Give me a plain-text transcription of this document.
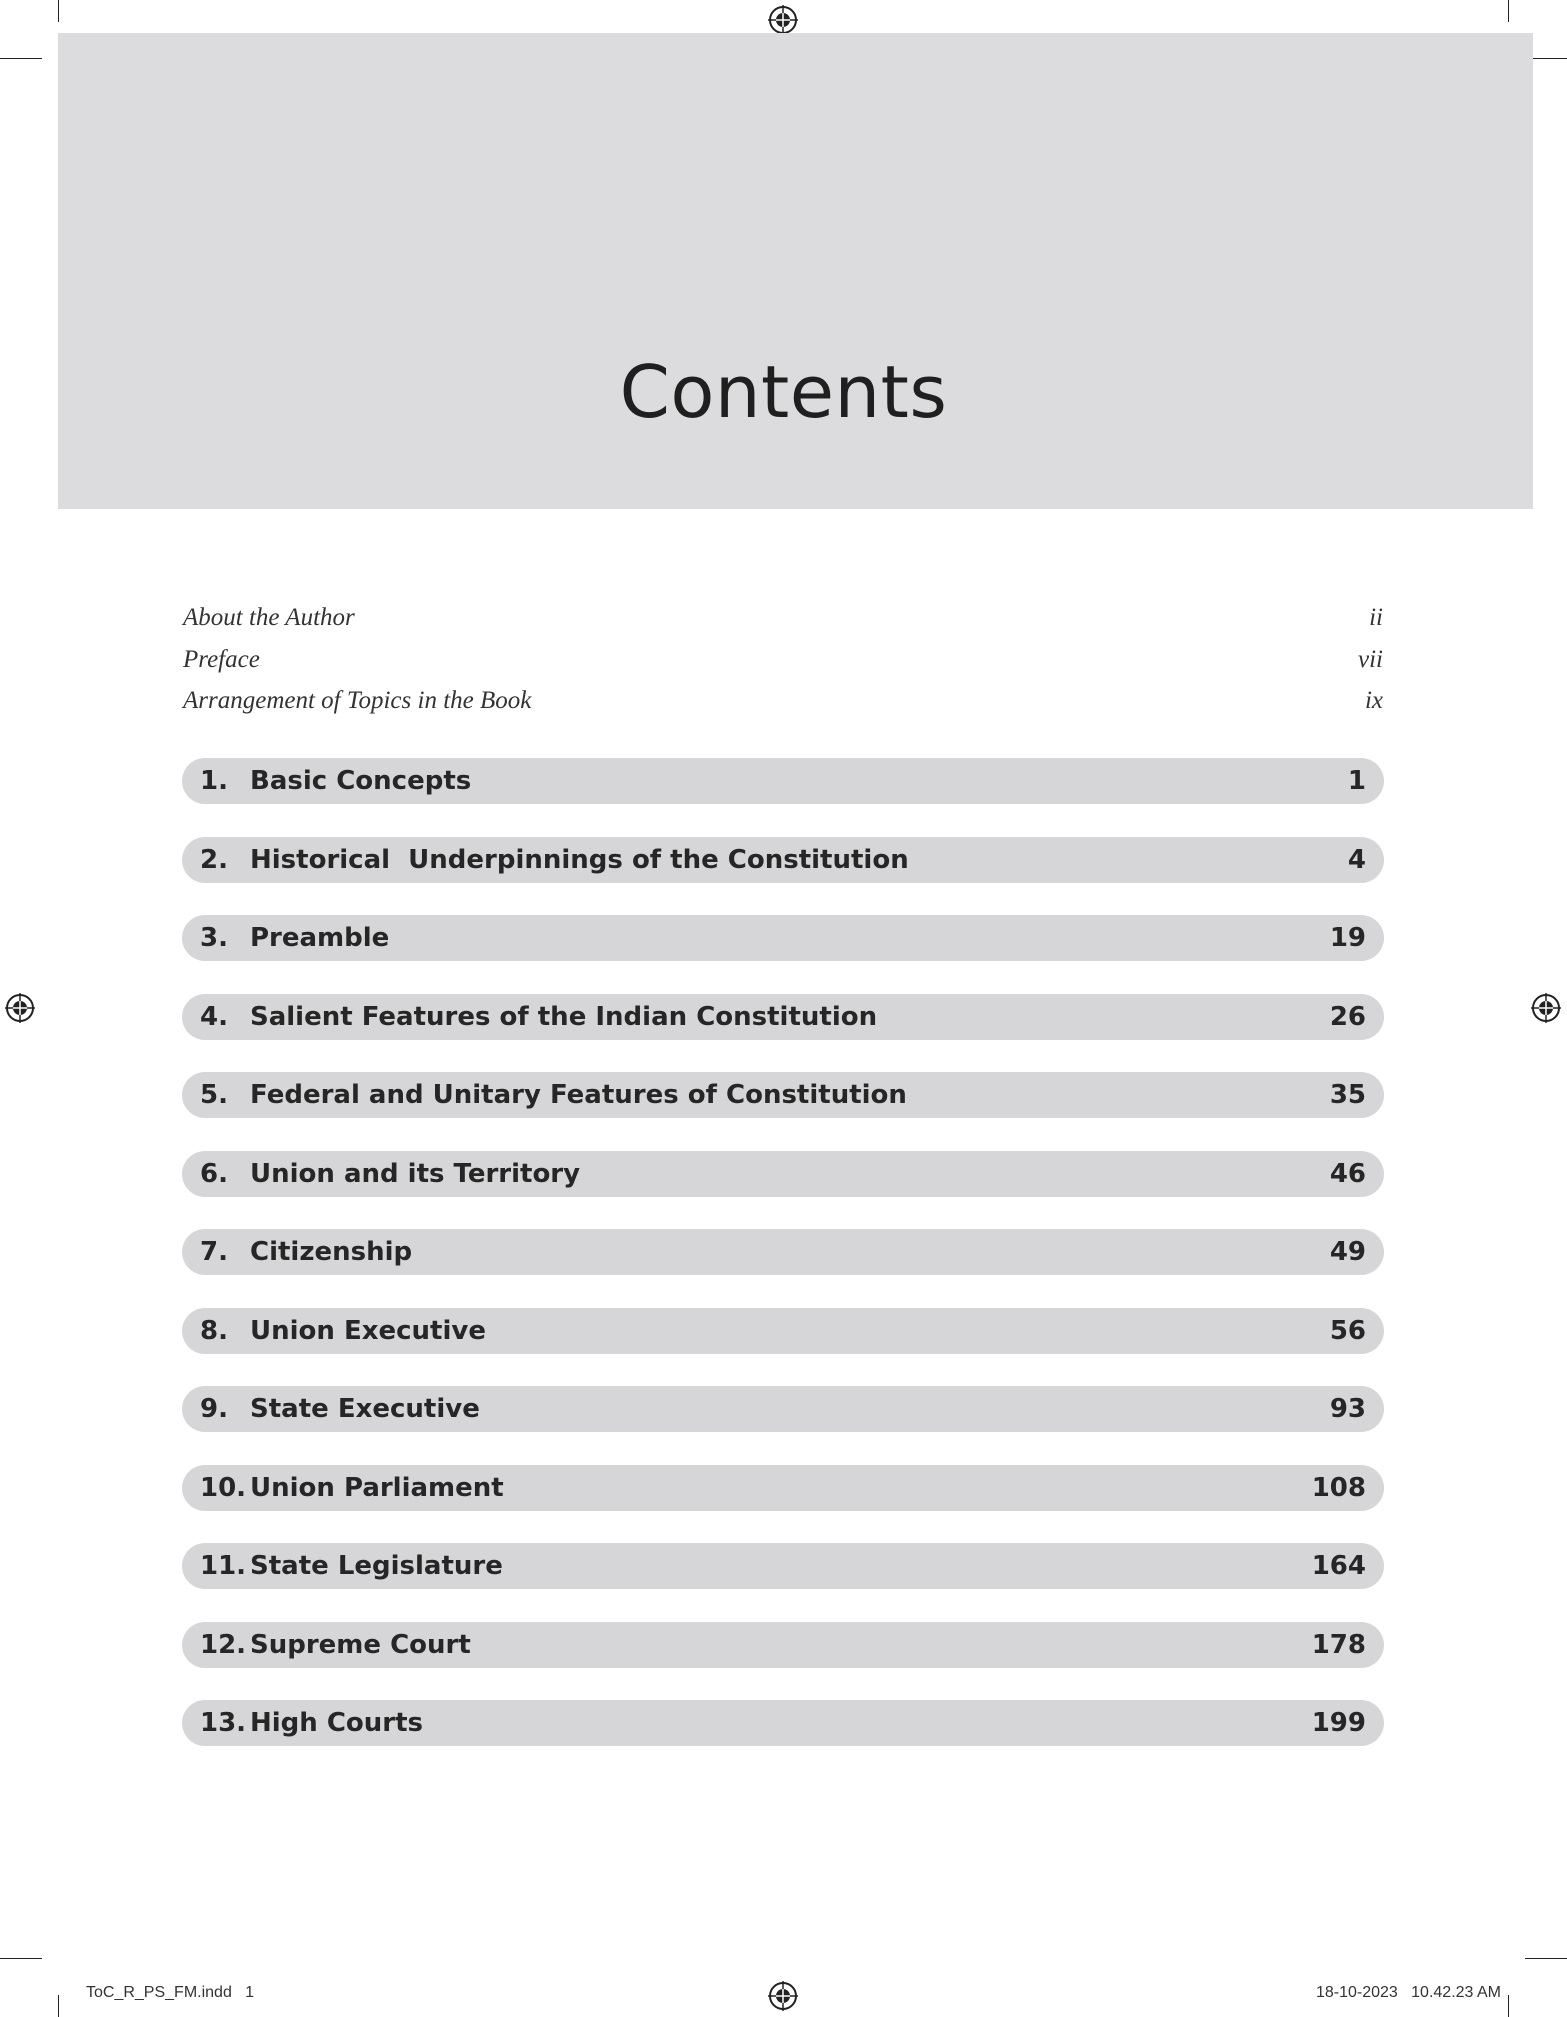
Contents
About the Author	ii
Preface	vii
Arrangement of Topics in the Book	ix
1. Basic Concepts	1
2. Historical  Underpinnings of the Constitution	4
3. Preamble	19
4. Salient Features of the Indian Constitution	26
5. Federal and Unitary Features of Constitution	35
6. Union and its Territory	46
7. Citizenship	49
8. Union Executive	56
9. State Executive	93
10. Union Parliament	108
11. State Legislature	164
12. Supreme Court	178
13. High Courts	199
ToC_R_PS_FM.indd   1	18-10-2023   10.42.23 AM
